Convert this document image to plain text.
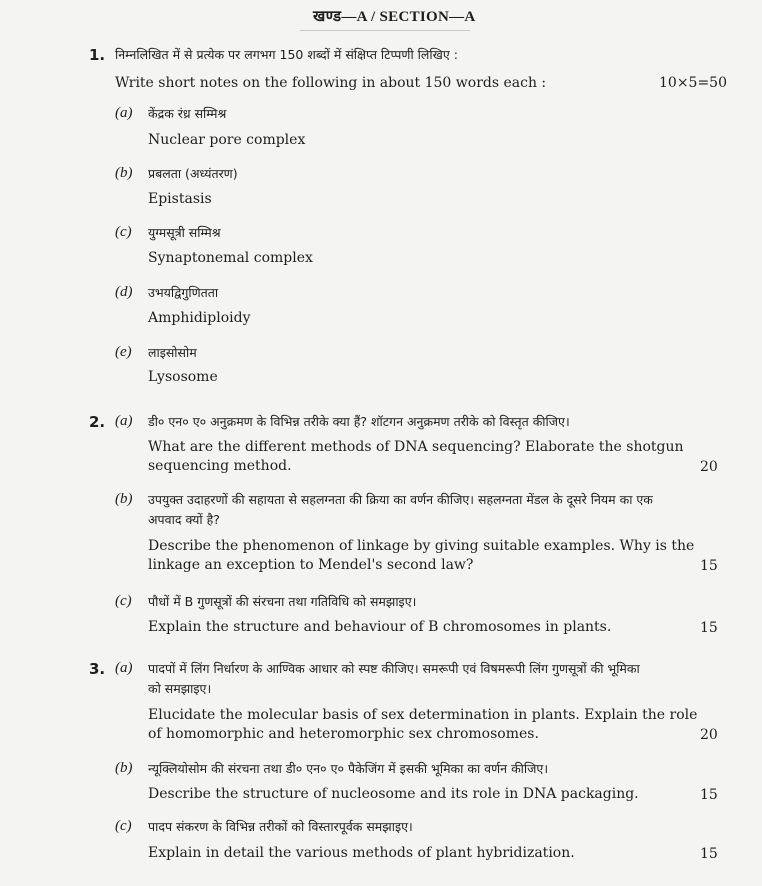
खण्ड—A / SECTION—A
1. निम्नलिखित में से प्रत्येक पर लगभग 150 शब्दों में संक्षिप्त टिप्पणी लिखिए :
Write short notes on the following in about 150 words each :	10×5=50
(a) केंद्रक रंध्र सम्मिश्र
Nuclear pore complex
(b) प्रबलता (अध्यंतरण)
Epistasis
(c) युग्मसूत्री सम्मिश्र
Synaptonemal complex
(d) उभयद्विगुणितता
Amphidiploidy
(e) लाइसोसोम
Lysosome
2. (a) डी० एन० ए० अनुक्रमण के विभिन्न तरीके क्या हैं? शॉटगन अनुक्रमण तरीके को विस्तृत कीजिए।
What are the different methods of DNA sequencing? Elaborate the shotgun
sequencing method.	20
(b) उपयुक्त उदाहरणों की सहायता से सहलग्नता की क्रिया का वर्णन कीजिए। सहलग्नता मेंडल के दूसरे नियम का एक
अपवाद क्यों है?
Describe the phenomenon of linkage by giving suitable examples. Why is the
linkage an exception to Mendel's second law?	15
(c) पौधों में B गुणसूत्रों की संरचना तथा गतिविधि को समझाइए।
Explain the structure and behaviour of B chromosomes in plants.	15
3. (a) पादपों में लिंग निर्धारण के आण्विक आधार को स्पष्ट कीजिए। समरूपी एवं विषमरूपी लिंग गुणसूत्रों की भूमिका
को समझाइए।
Elucidate the molecular basis of sex determination in plants. Explain the role
of homomorphic and heteromorphic sex chromosomes.	20
(b) न्यूक्लियोसोम की संरचना तथा डी० एन० ए० पैकेजिंग में इसकी भूमिका का वर्णन कीजिए।
Describe the structure of nucleosome and its role in DNA packaging.	15
(c) पादप संकरण के विभिन्न तरीकों को विस्तारपूर्वक समझाइए।
Explain in detail the various methods of plant hybridization.	15
